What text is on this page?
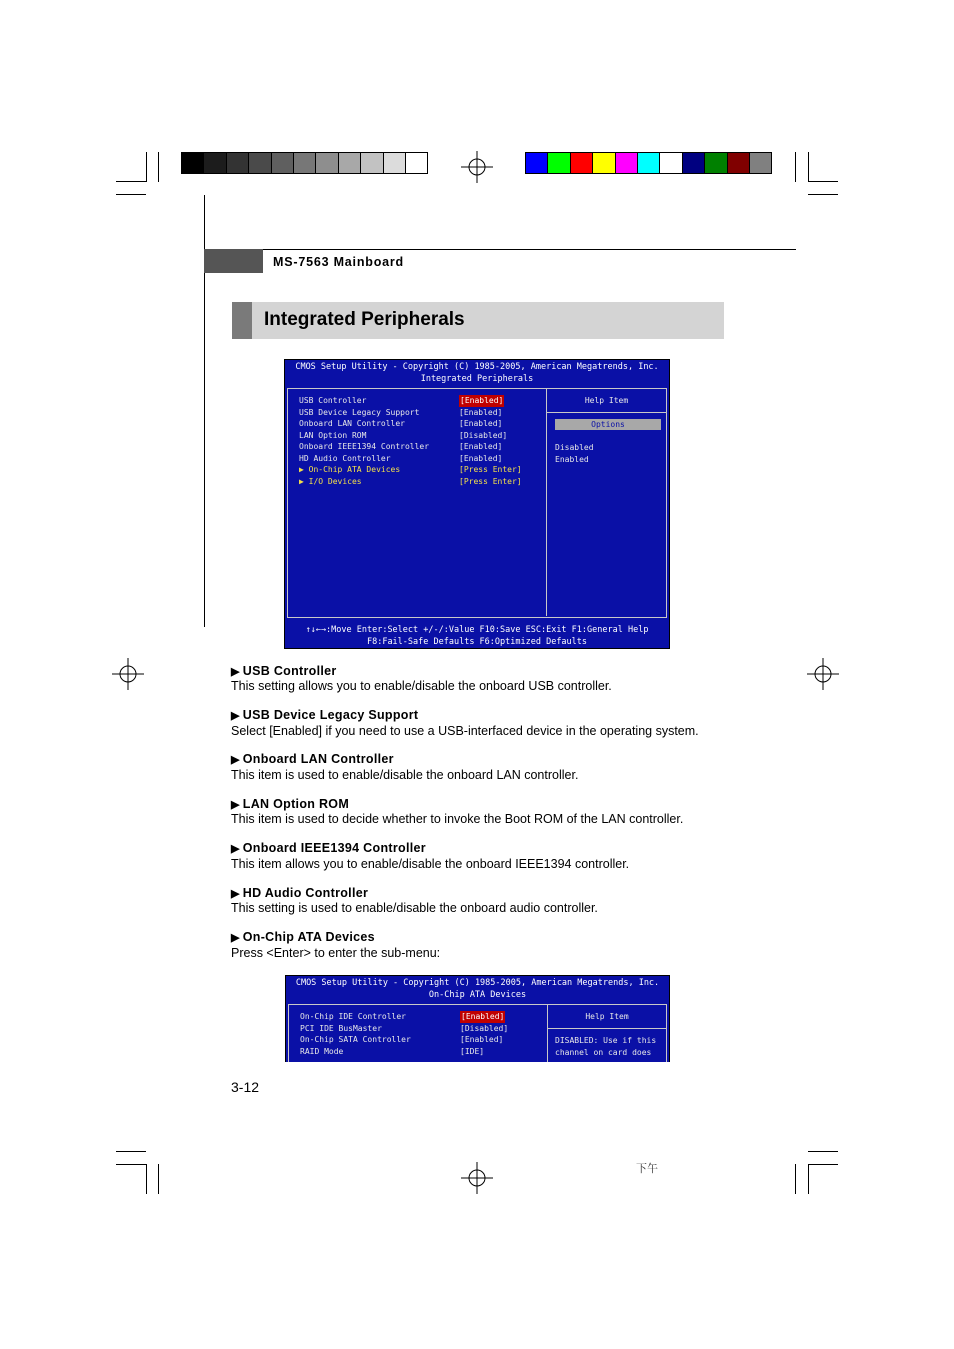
MS-7563 Mainboard
Integrated Peripherals
CMOS Setup Utility - Copyright (C) 1985-2005, American Megatrends, Inc.
Integrated Peripherals
USB Controller	[Enabled]
USB Device Legacy Support	[Enabled]
Onboard LAN Controller	[Enabled]
LAN Option ROM	[Disabled]
Onboard IEEE1394 Controller	[Enabled]
HD Audio Controller	[Enabled]
▶ On-Chip ATA Devices	[Press Enter]
▶ I/O Devices	[Press Enter]
Help Item
Options
Disabled
Enabled
↑↓←→:Move Enter:Select +/-/:Value F10:Save ESC:Exit F1:General Help
F8:Fail-Safe Defaults F6:Optimized Defaults
▶ USB Controller
This setting allows you to enable/disable the onboard USB controller.
▶ USB Device Legacy Support
Select [Enabled] if you need to use a USB-interfaced device in the operating system.
▶ Onboard LAN Controller
This item is used to enable/disable the onboard LAN controller.
▶ LAN Option ROM
This item is used to decide whether to invoke the Boot ROM of the LAN controller.
▶ Onboard IEEE1394 Controller
This item allows you to enable/disable the onboard IEEE1394 controller.
▶ HD Audio Controller
This setting is used to enable/disable the onboard audio controller.
▶ On-Chip ATA Devices
Press <Enter> to enter the sub-menu:
CMOS Setup Utility - Copyright (C) 1985-2005, American Megatrends, Inc.
On-Chip ATA Devices
On-Chip IDE Controller	[Enabled]
PCI IDE BusMaster	[Disabled]
On-Chip SATA Controller	[Enabled]
RAID Mode	[IDE]
Help Item
DISABLED: Use if this
channel on card does
3-12
下午
